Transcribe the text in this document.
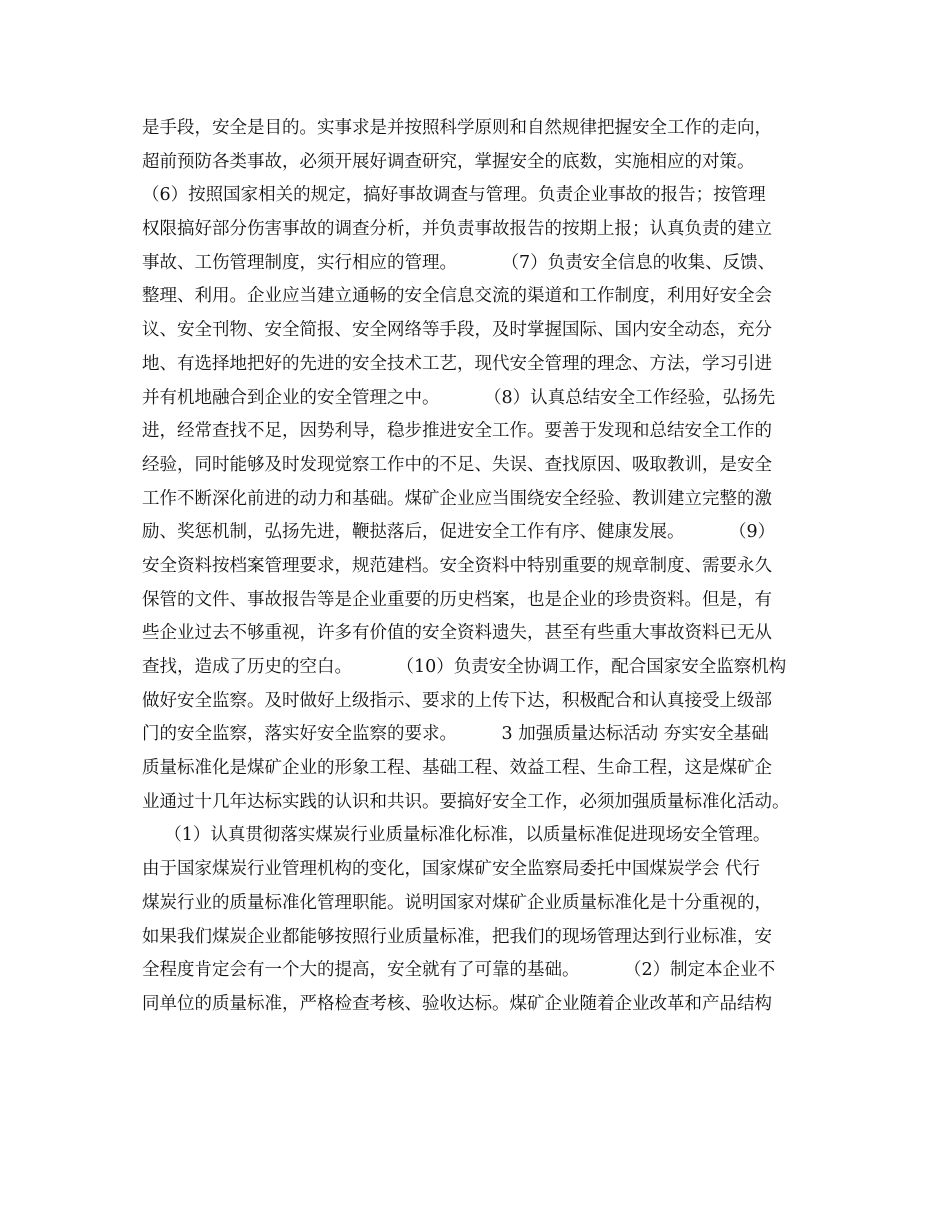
是手段，安全是目的。实事求是并按照科学原则和自然规律把握安全工作的走向，
超前预防各类事故，必须开展好调查研究，掌握安全的底数，实施相应的对策。
（6）按照国家相关的规定，搞好事故调查与管理。负责企业事故的报告；按管理
权限搞好部分伤害事故的调查分析，并负责事故报告的按期上报；认真负责的建立
事故、工伤管理制度，实行相应的管理。        （7）负责安全信息的收集、反馈、
整理、利用。企业应当建立通畅的安全信息交流的渠道和工作制度，利用好安全会
议、安全刊物、安全简报、安全网络等手段，及时掌握国际、国内安全动态，充分
地、有选择地把好的先进的安全技术工艺，现代安全管理的理念、方法，学习引进
并有机地融合到企业的安全管理之中。        （8）认真总结安全工作经验，弘扬先
进，经常查找不足，因势利导，稳步推进安全工作。要善于发现和总结安全工作的
经验，同时能够及时发现觉察工作中的不足、失误、查找原因、吸取教训，是安全
工作不断深化前进的动力和基础。煤矿企业应当围绕安全经验、教训建立完整的激
励、奖惩机制，弘扬先进，鞭挞落后，促进安全工作有序、健康发展。        （9）
安全资料按档案管理要求，规范建档。安全资料中特别重要的规章制度、需要永久
保管的文件、事故报告等是企业重要的历史档案，也是企业的珍贵资料。但是，有
些企业过去不够重视，许多有价值的安全资料遗失，甚至有些重大事故资料已无从
查找，造成了历史的空白。        （10）负责安全协调工作，配合国家安全监察机构
做好安全监察。及时做好上级指示、要求的上传下达，积极配合和认真接受上级部
门的安全监察，落实好安全监察的要求。        3 加强质量达标活动 夯实安全基础
质量标准化是煤矿企业的形象工程、基础工程、效益工程、生命工程，这是煤矿企
业通过十几年达标实践的认识和共识。要搞好安全工作，必须加强质量标准化活动。
（1）认真贯彻落实煤炭行业质量标准化标准，以质量标准促进现场安全管理。
由于国家煤炭行业管理机构的变化，国家煤矿安全监察局委托中国煤炭学会 代行
煤炭行业的质量标准化管理职能。说明国家对煤矿企业质量标准化是十分重视的，
如果我们煤炭企业都能够按照行业质量标准，把我们的现场管理达到行业标准，安
全程度肯定会有一个大的提高，安全就有了可靠的基础。        （2）制定本企业不
同单位的质量标准，严格检查考核、验收达标。煤矿企业随着企业改革和产品结构
